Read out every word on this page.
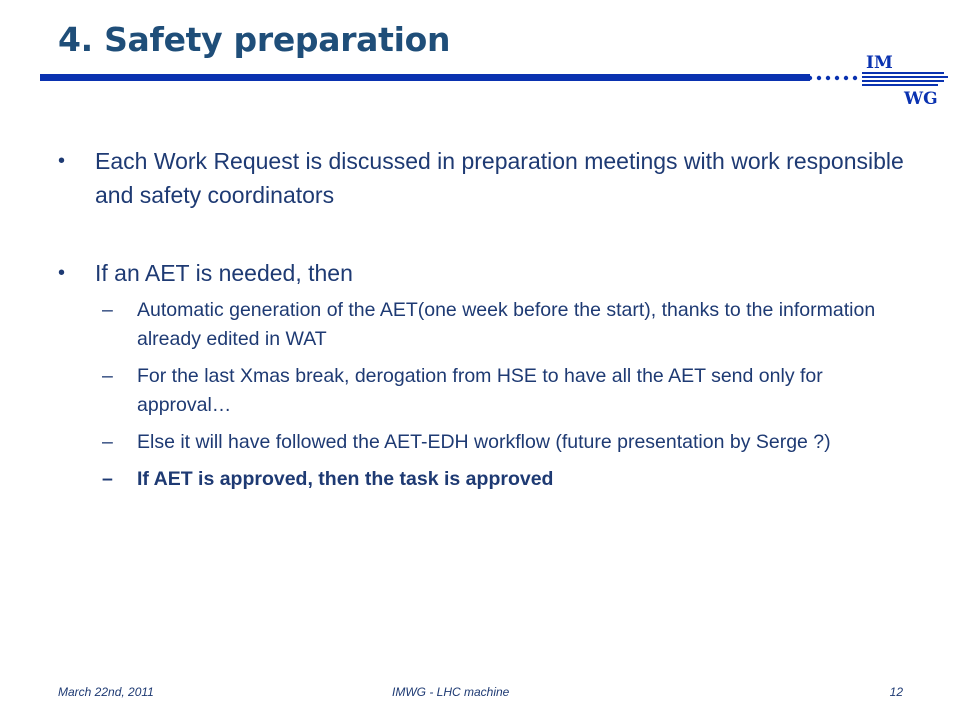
4. Safety preparation
IM
WG
• Each Work Request is discussed in preparation meetings with work responsible and safety coordinators
• If an AET is needed, then
– Automatic generation of the AET(one week before the start), thanks to the information already edited in WAT
– For the last Xmas break, derogation from HSE to have all the AET send only for approval…
– Else it will have followed the AET-EDH workflow (future presentation by Serge ?)
– If AET is approved, then the task is approved
March 22nd, 2011	IMWG - LHC machine	12
